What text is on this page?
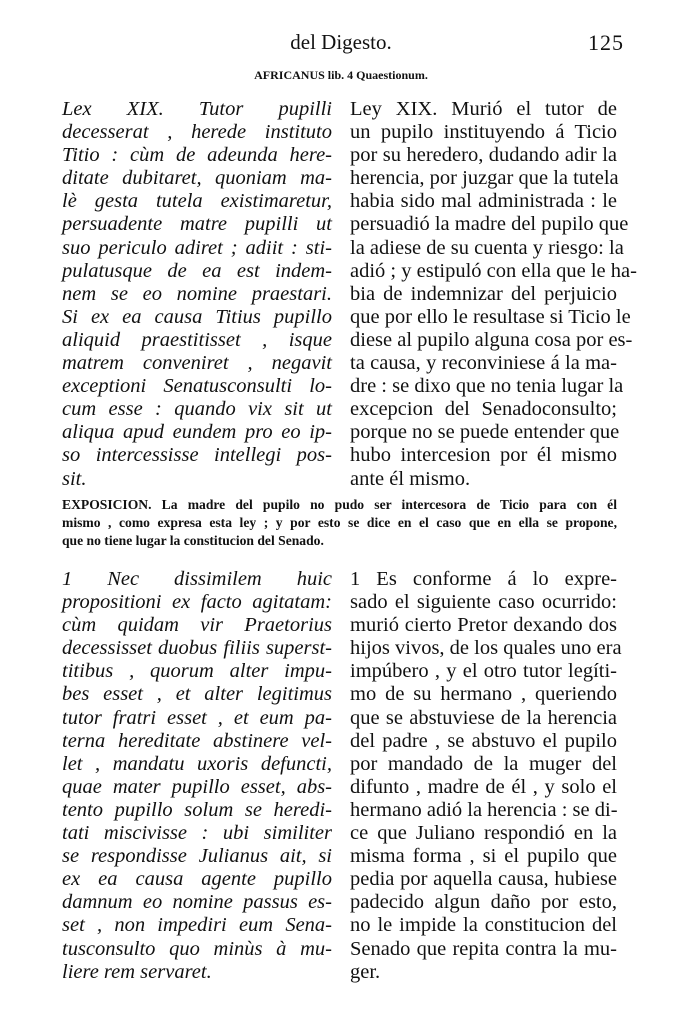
del Digesto.	125
AFRICANUS lib. 4 Quaestionum.
Lex XIX. Tutor pupilli
decesserat , herede instituto
Titio : cùm de adeunda here-
ditate dubitaret, quoniam ma-
lè gesta tutela existimaretur,
persuadente matre pupilli ut
suo periculo adiret ; adiit : sti-
pulatusque de ea est indem-
nem se eo nomine praestari.
Si ex ea causa Titius pupillo
aliquid praestitisset , isque
matrem conveniret , negavit
exceptioni Senatusconsulti lo-
cum esse : quando vix sit ut
aliqua apud eundem pro eo ip-
so intercessisse intellegi pos-
sit.
Ley XIX. Murió el tutor de
un pupilo instituyendo á Ticio
por su heredero, dudando adir la
herencia, por juzgar que la tutela
habia sido mal administrada : le
persuadió la madre del pupilo que
la adiese de su cuenta y riesgo: la
adió ; y estipuló con ella que le ha-
bia de indemnizar del perjuicio
que por ello le resultase si Ticio le
diese al pupilo alguna cosa por es-
ta causa, y reconviniese á la ma-
dre : se dixo que no tenia lugar la
excepcion del Senadoconsulto;
porque no se puede entender que
hubo intercesion por él mismo
ante él mismo.
EXPOSICION. La madre del pupilo no pudo ser intercesora de Ticio para con él
mismo , como expresa esta ley ; y por esto se dice en el caso que en ella se propone,
que no tiene lugar la constitucion del Senado.
1 Nec dissimilem huic
propositioni ex facto agitatam:
cùm quidam vir Praetorius
decessisset duobus filiis superst-
titibus , quorum alter impu-
bes esset , et alter legitimus
tutor fratri esset , et eum pa-
terna hereditate abstinere vel-
let , mandatu uxoris defuncti,
quae mater pupillo esset, abs-
tento pupillo solum se heredi-
tati miscivisse : ubi similiter
se respondisse Julianus ait, si
ex ea causa agente pupillo
damnum eo nomine passus es-
set , non impediri eum Sena-
tusconsulto quo minùs à mu-
liere rem servaret.
1 Es conforme á lo expre-
sado el siguiente caso ocurrido:
murió cierto Pretor dexando dos
hijos vivos, de los quales uno era
impúbero , y el otro tutor legíti-
mo de su hermano , queriendo
que se abstuviese de la herencia
del padre , se abstuvo el pupilo
por mandado de la muger del
difunto , madre de él , y solo el
hermano adió la herencia : se di-
ce que Juliano respondió en la
misma forma , si el pupilo que
pedia por aquella causa, hubiese
padecido algun daño por esto,
no le impide la constitucion del
Senado que repita contra la mu-
ger.
